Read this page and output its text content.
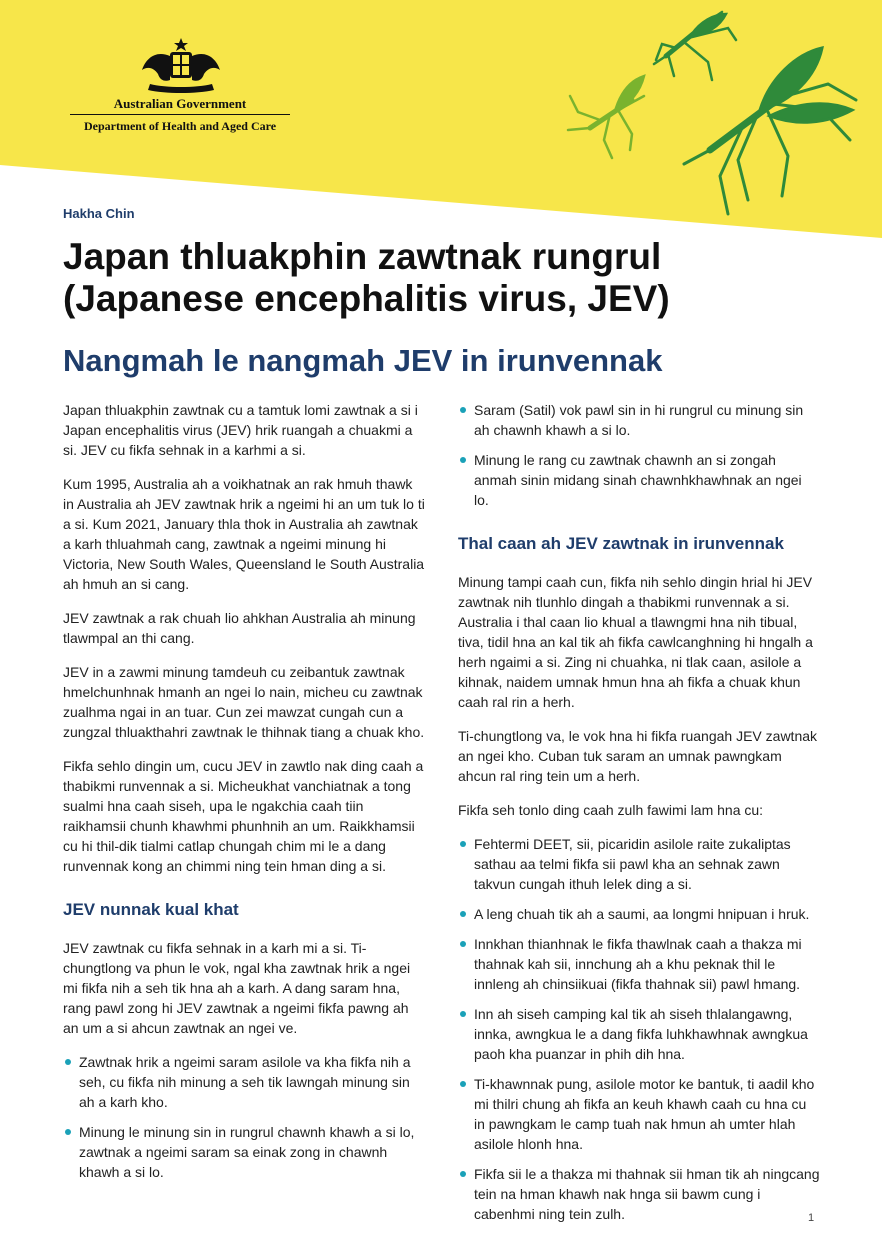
Australian Government
Department of Health and Aged Care
Hakha Chin
Japan thluakphin zawtnak rungrul (Japanese encephalitis virus, JEV)
Nangmah le nangmah JEV in irunvennak

Japan thluakphin zawtnak cu a tamtuk lomi zawtnak a si i Japan encephalitis virus (JEV) hrik ruangah a chuakmi a si. JEV cu fikfa sehnak in a karhmi a si.

Kum 1995, Australia ah a voikhatnak an rak hmuh thawk in Australia ah JEV zawtnak hrik a ngeimi hi an um tuk lo ti a si. Kum 2021, January thla thok in Australia ah zawtnak a karh thluahmah cang, zawtnak a ngeimi minung hi Victoria, New South Wales, Queensland le South Australia ah hmuh an si cang.

JEV zawtnak a rak chuah lio ahkhan Australia ah minung tlawmpal an thi cang.

JEV in a zawmi minung tamdeuh cu zeibantuk zawtnak hmelchunhnak hmanh an ngei lo nain, micheu cu zawtnak zualhma ngai in an tuar. Cun zei mawzat cungah cun a zungzal thluakthahri zawtnak le thihnak tiang a chuak kho.

Fikfa sehlo dingin um, cucu JEV in zawtlo nak ding caah a thabikmi runvennak a si. Micheukhat vanchiatnak a tong sualmi hna caah siseh, upa le ngakchia caah tiin raikhamsii chunh khawhmi phunhnih an um. Raikkhamsii cu hi thil-dik tialmi catlap chungah chim mi le a dang runvennak kong an chimmi ning tein hman ding a si.

JEV nunnak kual khat

JEV zawtnak cu fikfa sehnak in a karh mi a si. Ti-chungtlong va phun le vok, ngal kha zawtnak hrik a ngei mi fikfa nih a seh tik hna ah a karh. A dang saram hna, rang pawl zong hi JEV zawtnak a ngeimi fikfa pawng ah an um a si ahcun zawtnak an ngei ve.

Zawtnak hrik a ngeimi saram asilole va kha fikfa nih a seh, cu fikfa nih minung a seh tik lawngah minung sin ah a karh kho.
Minung le minung sin in rungrul chawnh khawh a si lo, zawtnak a ngeimi saram sa einak zong in chawnh khawh a si lo.
Saram (Satil) vok pawl sin in hi rungrul cu minung sin ah chawnh khawh a si lo.
Minung le rang cu zawtnak chawnh an si zongah anmah sinin midang sinah chawnhkhawhnak an ngei lo.
Thal caan ah JEV zawtnak in irunvennak

Minung tampi caah cun, fikfa nih sehlo dingin hrial hi JEV zawtnak nih tlunhlo dingah a thabikmi runvennak a si. Australia i thal caan lio khual a tlawngmi hna nih tibual, tiva, tidil hna an kal tik ah fikfa cawlcanghning hi hngalh a herh ngaimi a si. Zing ni chuahka, ni tlak caan, asilole a kihnak, naidem umnak hmun hna ah fikfa a chuak khun caah ral rin a herh.

Ti-chungtlong va, le vok hna hi fikfa ruangah JEV zawtnak an ngei kho. Cuban tuk saram an umnak pawngkam ahcun ral ring tein um a herh.

Fikfa seh tonlo ding caah zulh fawimi lam hna cu:

Fehtermi DEET, sii, picaridin asilole raite zukaliptas sathau aa telmi fikfa sii pawl kha an sehnak zawn takvun cungah ithuh lelek ding a si.
A leng chuah tik ah a saumi, aa longmi hnipuan i hruk.
Innkhan thianhnak le fikfa thawlnak caah a thakza mi thahnak kah sii, innchung ah a khu peknak thil le innleng ah chinsiikuai (fikfa thahnak sii) pawl hmang.
Inn ah siseh camping kal tik ah siseh thlalangawng, innka, awngkua le a dang fikfa luhkhawhnak awngkua paoh kha puanzar in phih dih hna.
Ti-khawnnak pung, asilole motor ke bantuk, ti aadil kho mi thilri chung ah fikfa an keuh khawh caah cu hna cu in pawngkam le camp tuah nak hmun ah umter hlah asilole hlonh hna.
Fikfa sii le a thakza mi thahnak sii hman tik ah ningcang tein na hman khawh nak hnga sii bawm cung i cabenhmi ning tein zulh.	1
